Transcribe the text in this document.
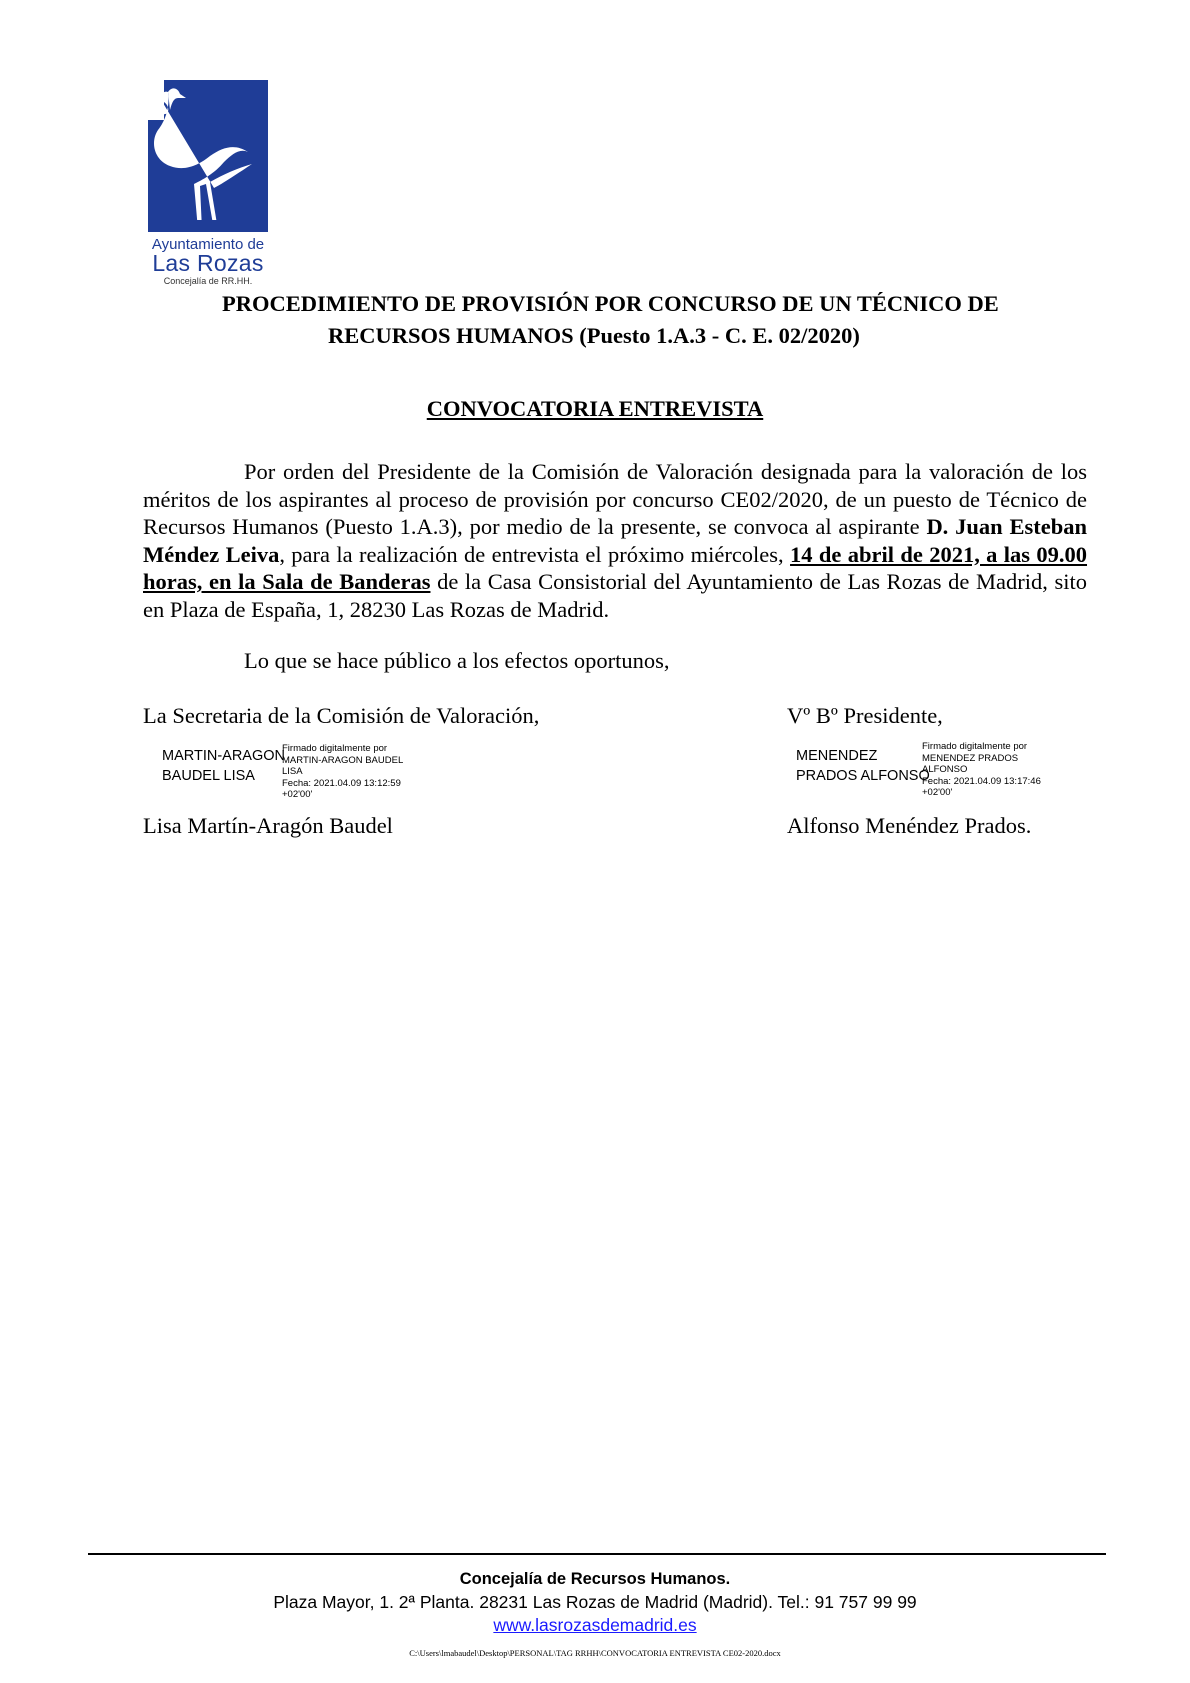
Ayuntamiento de
Las Rozas
Concejalía de RR.HH.
PROCEDIMIENTO DE PROVISIÓN POR CONCURSO DE UN TÉCNICO DE
RECURSOS HUMANOS (Puesto 1.A.3 - C. E. 02/2020)
CONVOCATORIA ENTREVISTA
Por orden del Presidente de la Comisión de Valoración designada para la valoración de los méritos de los aspirantes al proceso de provisión por concurso CE02/2020, de un puesto de Técnico de Recursos Humanos (Puesto 1.A.3), por medio de la presente, se convoca al aspirante D. Juan Esteban Méndez Leiva, para la realización de entrevista el próximo miércoles, 14 de abril de 2021, a las 09.00 horas, en la Sala de Banderas de la Casa Consistorial del Ayuntamiento de Las Rozas de Madrid, sito en Plaza de España, 1, 28230 Las Rozas de Madrid.
Lo que se hace público a los efectos oportunos,
La Secretaria de la Comisión de Valoración,	Vº Bº Presidente,
MARTIN-ARAGON
BAUDEL LISA
Firmado digitalmente por
MARTIN-ARAGON BAUDEL
LISA
Fecha: 2021.04.09 13:12:59
+02'00'
MENENDEZ
PRADOS ALFONSO
Firmado digitalmente por
MENENDEZ PRADOS
ALFONSO
Fecha: 2021.04.09 13:17:46
+02'00'
Lisa Martín-Aragón Baudel	Alfonso Menéndez Prados.
Concejalía de Recursos Humanos.
Plaza Mayor, 1. 2ª Planta. 28231 Las Rozas de Madrid (Madrid). Tel.: 91 757 99 99
www.lasrozasdemadrid.es
C:\Users\lmabaudel\Desktop\PERSONAL\TAG RRHH\CONVOCATORIA ENTREVISTA CE02-2020.docx
